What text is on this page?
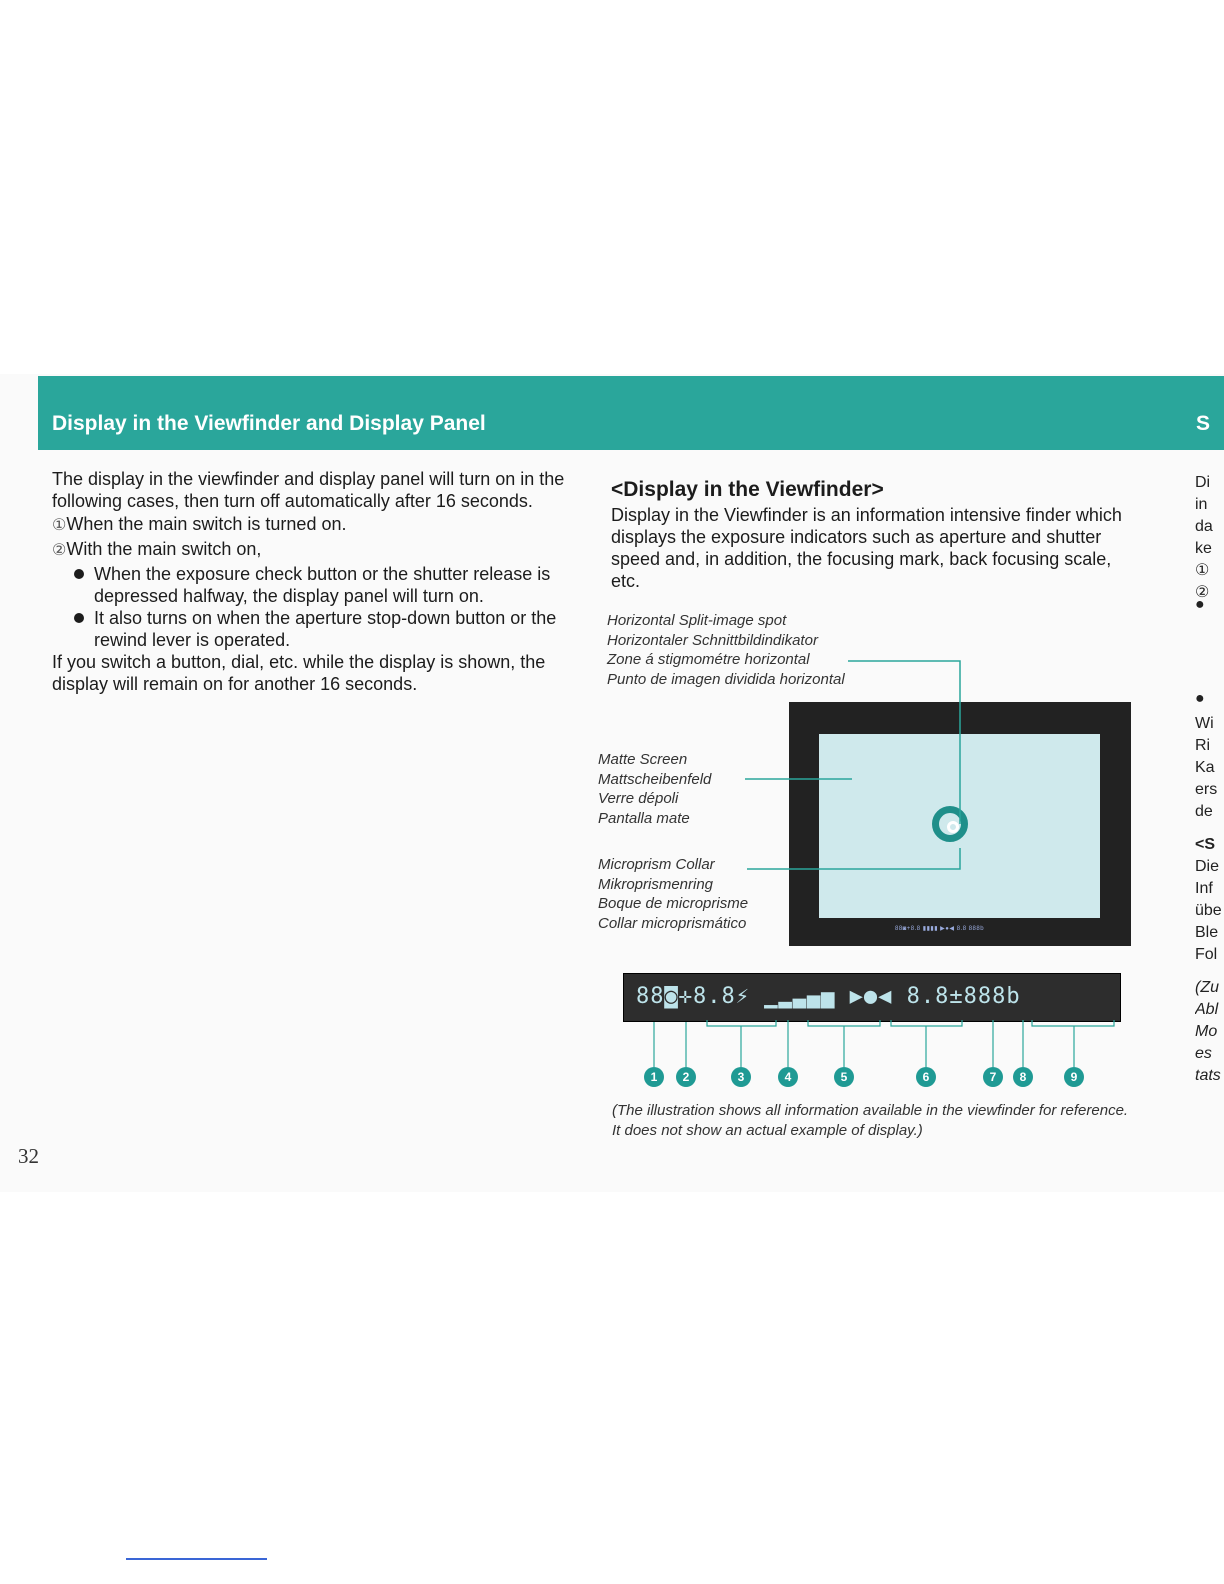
Display in the Viewfinder and Display Panel	S

The display in the viewfinder and display panel will turn on in the following cases, then turn off automatically after 16 seconds.

①When the main switch is turned on.

②With the main switch on,

When the exposure check button or the shutter release is depressed halfway, the display panel will turn on.

It also turns on when the aperture stop-down button or the rewind lever is operated.

If you switch a button, dial, etc. while the display is shown, the display will remain on for another 16 seconds.

<Display in the Viewfinder>
Display in the Viewfinder is an information intensive finder which displays the exposure indicators such as aperture and shutter speed and, in addition, the focusing mark, back focusing scale, etc.
Horizontal Split-image spot
Horizontaler Schnittbildindikator
Zone á stigmométre horizontal
Punto de imagen dividida horizontal
Matte Screen
Mattscheibenfeld
Verre dépoli
Pantalla mate
Microprism Collar
Mikroprismenring
Boque de microprisme
Collar microprismático	88◙+8.8 ▮▮▮▮ ▶●◀ 8.8 888b
88◙✛8.8⚡ ▁▂▃▄▅ ▶●◀ 8.8±888b
1	2	3	4	5	6	7	8	9
(The illustration shows all information available in the viewfinder for reference. It does not show an actual example of display.)
32
Di
in
da
ke
①
②
●
●
Wi
Ri
Ka
ers
de
<S
Die
Inf
übe
Ble
Fol
(Zu
Abl
Mo
es
tats
